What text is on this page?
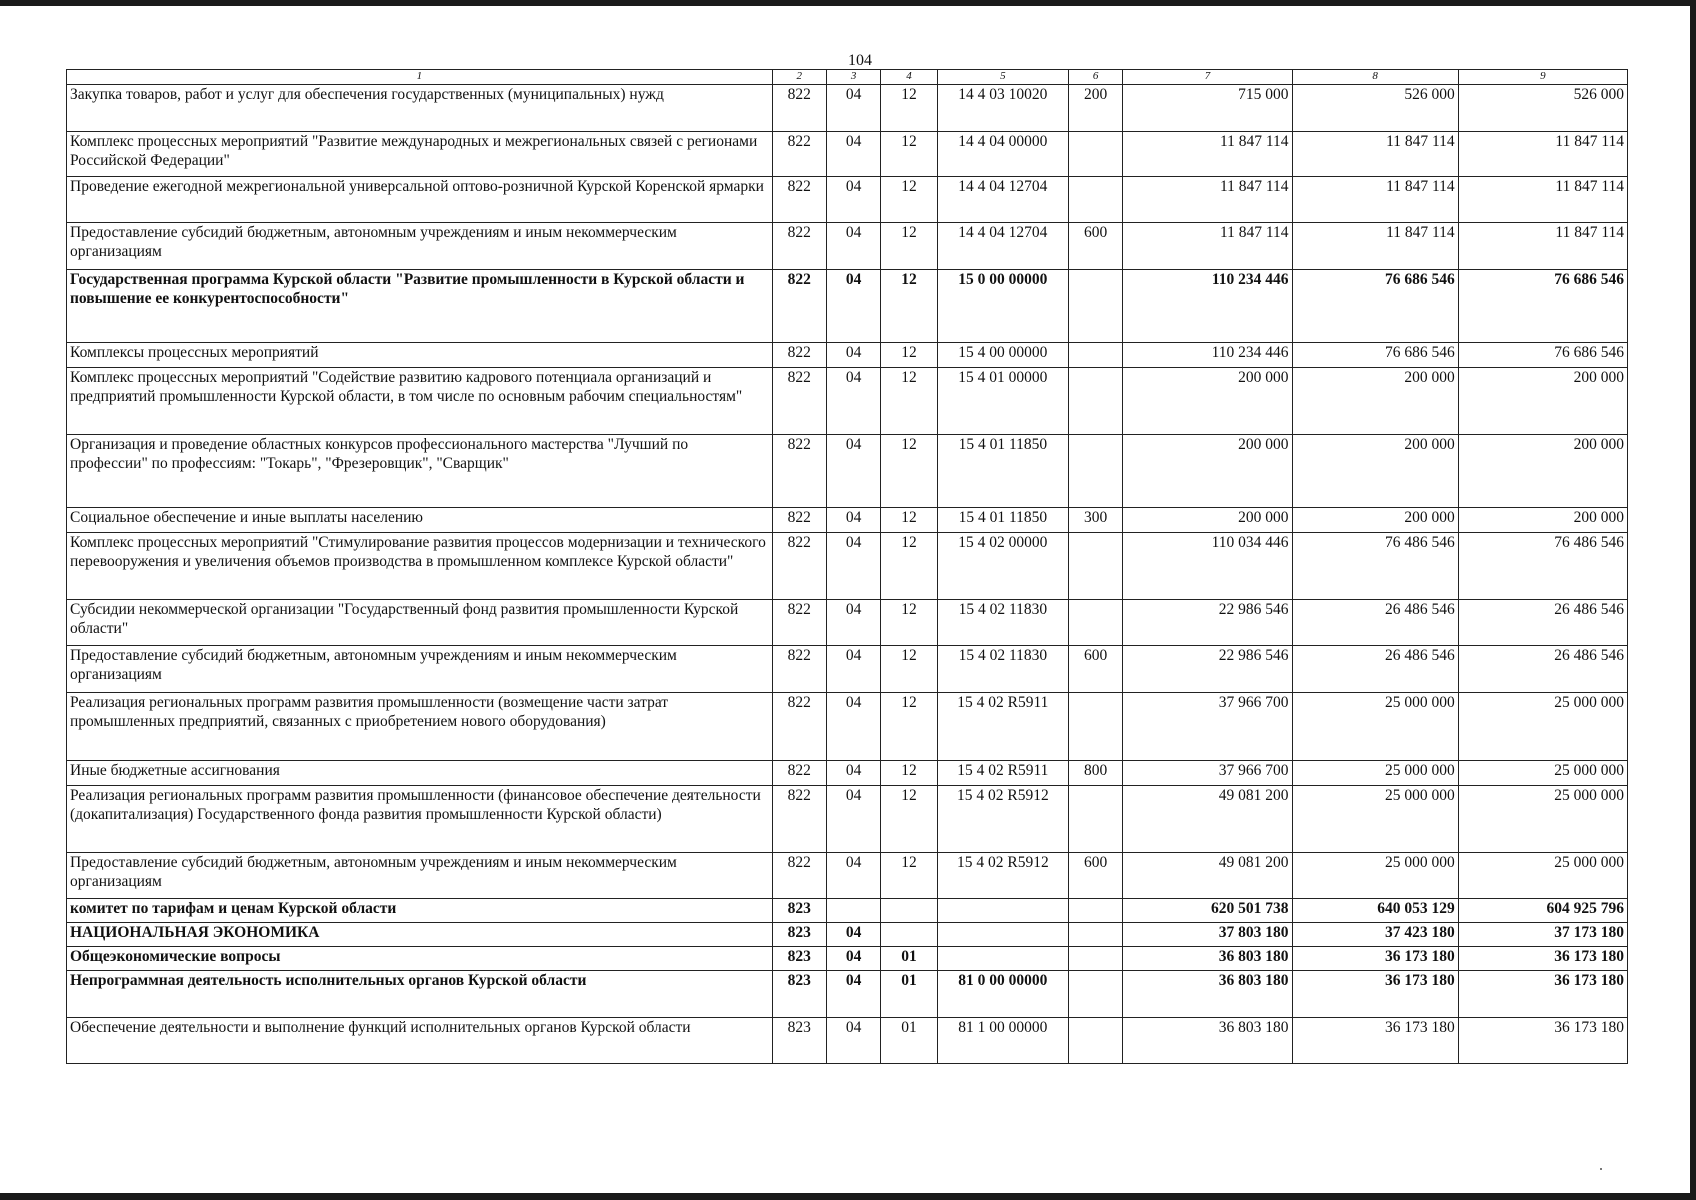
104
1	2	3	4	5	6	7	8	9
Закупка товаров, работ и услуг для обеспечения государственных (муниципальных) нужд	822	04	12	14 4 03 10020	200	715 000	526 000	526 000
Комплекс процессных мероприятий "Развитие международных и межрегиональных связей с регионами Российской Федерации"	822	04	12	14 4 04 00000		11 847 114	11 847 114	11 847 114
Проведение ежегодной межрегиональной универсальной оптово-розничной Курской Коренской ярмарки	822	04	12	14 4 04 12704		11 847 114	11 847 114	11 847 114
Предоставление субсидий бюджетным, автономным учреждениям и иным некоммерческим организациям	822	04	12	14 4 04 12704	600	11 847 114	11 847 114	11 847 114
Государственная программа Курской области "Развитие промышленности в Курской области и повышение ее конкурентоспособности"	822	04	12	15 0 00 00000		110 234 446	76 686 546	76 686 546
Комплексы процессных мероприятий	822	04	12	15 4 00 00000		110 234 446	76 686 546	76 686 546
Комплекс процессных мероприятий "Содействие развитию кадрового потенциала организаций и предприятий промышленности Курской области, в том числе по основным рабочим специальностям"	822	04	12	15 4 01 00000		200 000	200 000	200 000
Организация и проведение областных конкурсов профессионального мастерства "Лучший по профессии" по профессиям: "Токарь", "Фрезеровщик", "Сварщик"	822	04	12	15 4 01 11850		200 000	200 000	200 000
Социальное обеспечение и иные выплаты населению	822	04	12	15 4 01 11850	300	200 000	200 000	200 000
Комплекс процессных мероприятий "Стимулирование развития процессов модернизации и технического перевооружения и увеличения объемов производства в промышленном комплексе Курской области"	822	04	12	15 4 02 00000		110 034 446	76 486 546	76 486 546
Субсидии некоммерческой организации "Государственный фонд развития промышленности Курской области"	822	04	12	15 4 02 11830		22 986 546	26 486 546	26 486 546
Предоставление субсидий бюджетным, автономным учреждениям и иным некоммерческим организациям	822	04	12	15 4 02 11830	600	22 986 546	26 486 546	26 486 546
Реализация региональных программ развития промышленности (возмещение части затрат промышленных предприятий, связанных с приобретением нового оборудования)	822	04	12	15 4 02 R5911		37 966 700	25 000 000	25 000 000
Иные бюджетные ассигнования	822	04	12	15 4 02 R5911	800	37 966 700	25 000 000	25 000 000
Реализация региональных программ развития промышленности (финансовое обеспечение деятельности (докапитализация) Государственного фонда развития промышленности Курской области)	822	04	12	15 4 02 R5912		49 081 200	25 000 000	25 000 000
Предоставление субсидий бюджетным, автономным учреждениям и иным некоммерческим организациям	822	04	12	15 4 02 R5912	600	49 081 200	25 000 000	25 000 000
комитет по тарифам и ценам Курской области	823					620 501 738	640 053 129	604 925 796
НАЦИОНАЛЬНАЯ ЭКОНОМИКА	823	04				37 803 180	37 423 180	37 173 180
Общеэкономические вопросы	823	04	01			36 803 180	36 173 180	36 173 180
Непрограммная деятельность исполнительных органов Курской области	823	04	01	81 0 00 00000		36 803 180	36 173 180	36 173 180
Обеспечение деятельности и выполнение функций исполнительных органов Курской области	823	04	01	81 1 00 00000		36 803 180	36 173 180	36 173 180
